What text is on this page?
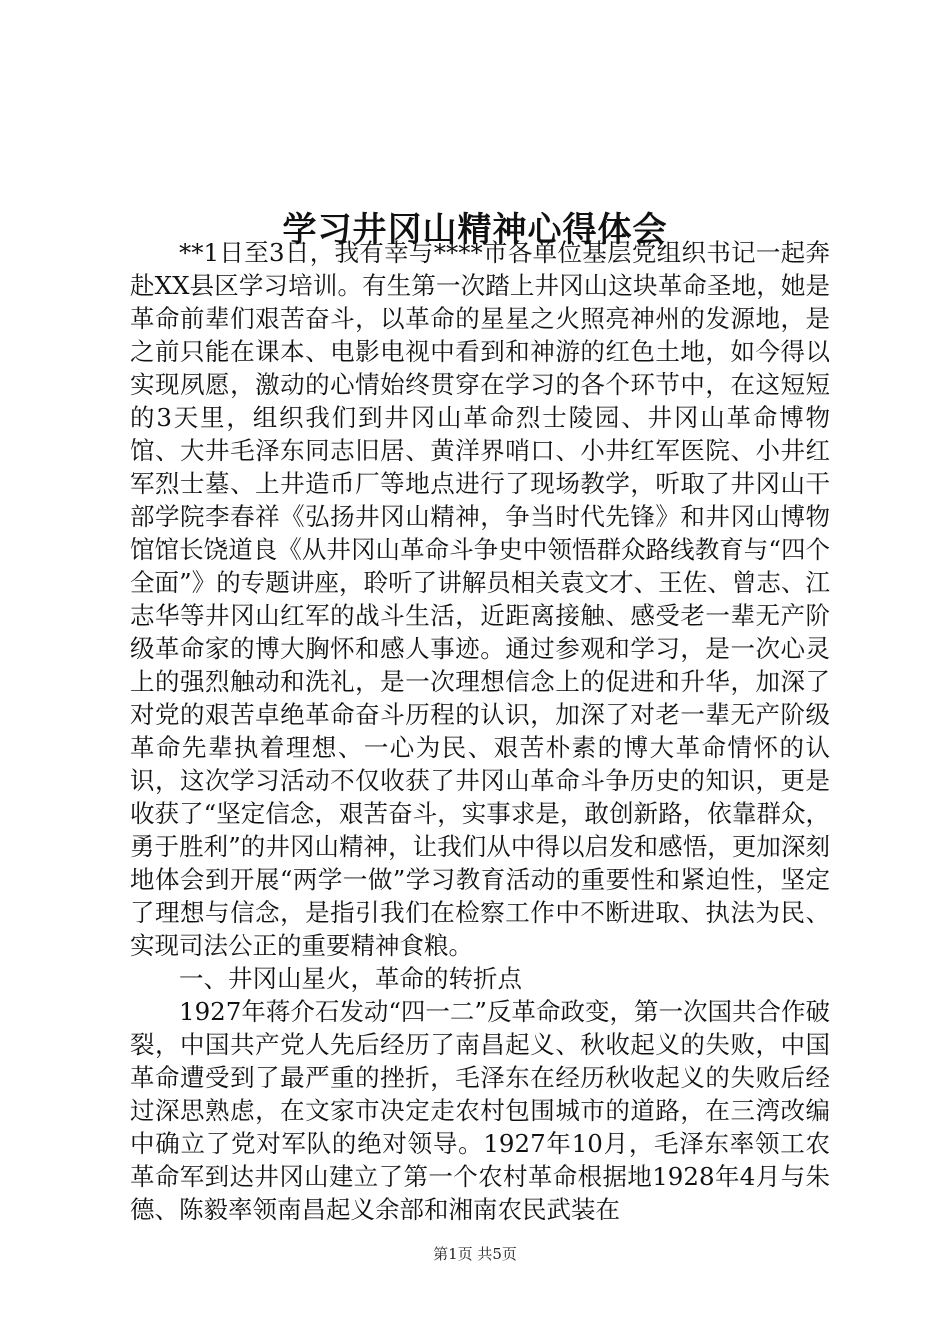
学习井冈山精神心得体会

**1日至3日，我有幸与****市各单位基层党组织书记一起奔赴XX县区学习培训。有生第一次踏上井冈山这块革命圣地，她是革命前辈们艰苦奋斗，以革命的星星之火照亮神州的发源地，是之前只能在课本、电影电视中看到和神游的红色土地，如今得以实现夙愿，激动的心情始终贯穿在学习的各个环节中，在这短短的3天里，组织我们到井冈山革命烈士陵园、井冈山革命博物馆、大井毛泽东同志旧居、黄洋界哨口、小井红军医院、小井红军烈士墓、上井造币厂等地点进行了现场教学，听取了井冈山干部学院李春祥《弘扬井冈山精神，争当时代先锋》和井冈山博物馆馆长饶道良《从井冈山革命斗争史中领悟群众路线教育与“四个全面”》的专题讲座，聆听了讲解员相关袁文才、王佐、曾志、江志华等井冈山红军的战斗生活，近距离接触、感受老一辈无产阶级革命家的博大胸怀和感人事迹。通过参观和学习，是一次心灵上的强烈触动和洗礼，是一次理想信念上的促进和升华，加深了对党的艰苦卓绝革命奋斗历程的认识，加深了对老一辈无产阶级革命先辈执着理想、一心为民、艰苦朴素的博大革命情怀的认识，这次学习活动不仅收获了井冈山革命斗争历史的知识，更是收获了“坚定信念，艰苦奋斗，实事求是，敢创新路，依靠群众，勇于胜利”的井冈山精神，让我们从中得以启发和感悟，更加深刻地体会到开展“两学一做”学习教育活动的重要性和紧迫性，坚定了理想与信念，是指引我们在检察工作中不断进取、执法为民、实现司法公正的重要精神食粮。

一、井冈山星火，革命的转折点

1927年蒋介石发动“四一二”反革命政变，第一次国共合作破裂，中国共产党人先后经历了南昌起义、秋收起义的失败，中国革命遭受到了最严重的挫折，毛泽东在经历秋收起义的失败后经过深思熟虑，在文家市决定走农村包围城市的道路，在三湾改编中确立了党对军队的绝对领导。1927年10月，毛泽东率领工农革命军到达井冈山建立了第一个农村革命根据地1928年4月与朱德、陈毅率领南昌起义余部和湘南农民武装在

第1页 共5页
